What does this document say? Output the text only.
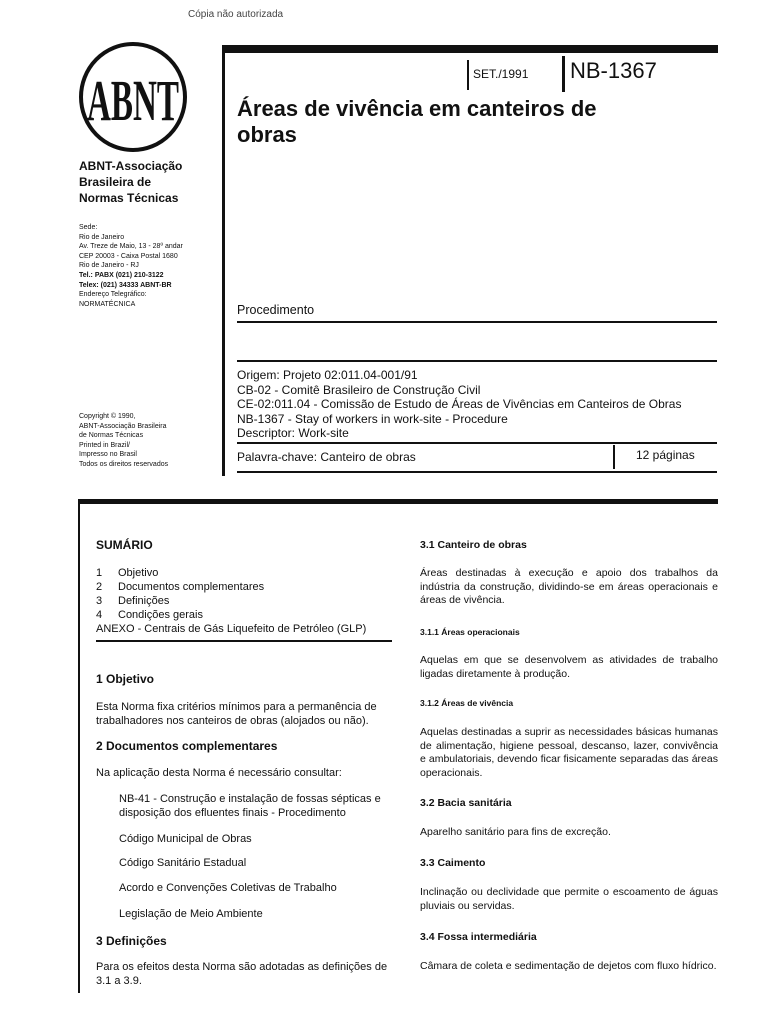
Cópia não autorizada
ABNT
ABNT-Associação
Brasileira de
Normas Técnicas
Sede:
Rio de Janeiro
Av. Treze de Maio, 13 - 28º andar
CEP 20003 - Caixa Postal 1680
Rio de Janeiro - RJ
Tel.: PABX (021) 210-3122
Telex: (021) 34333 ABNT-BR
Endereço Telegráfico:
NORMATÉCNICA
Copyright © 1990,
ABNT-Associação Brasileira
de Normas Técnicas
Printed in Brazil/
Impresso no Brasil
Todos os direitos reservados
SET./1991 NB-1367
Áreas de vivência em canteiros de
obras
Procedimento
Origem: Projeto 02:011.04-001/91
CB-02 - Comitê Brasileiro de Construção Civil
CE-02:011.04 - Comissão de Estudo de Áreas de Vivências em Canteiros de Obras
NB-1367 - Stay of workers in work-site - Procedure
Descriptor: Work-site
Palavra-chave: Canteiro de obras	12 páginas
SUMÁRIO
1 Objetivo
2 Documentos complementares
3 Definições
4 Condições gerais
ANEXO - Centrais de Gás Liquefeito de Petróleo (GLP)
1 Objetivo
Esta Norma fixa critérios mínimos para a permanência de trabalhadores nos canteiros de obras (alojados ou não).
2 Documentos complementares
Na aplicação desta Norma é necessário consultar:
NB-41 - Construção e instalação de fossas sépticas e disposição dos efluentes finais - Procedimento
Código Municipal de Obras
Código Sanitário Estadual
Acordo e Convenções Coletivas de Trabalho
Legislação de Meio Ambiente
3 Definições
Para os efeitos desta Norma são adotadas as definições de 3.1 a 3.9.
3.1 Canteiro de obras
Áreas destinadas à execução e apoio dos trabalhos da indústria da construção, dividindo-se em áreas operacionais e áreas de vivência.
3.1.1 Áreas operacionais
Aquelas em que se desenvolvem as atividades de trabalho ligadas diretamente à produção.
3.1.2 Áreas de vivência
Aquelas destinadas a suprir as necessidades básicas humanas de alimentação, higiene pessoal, descanso, lazer, convivência e ambulatoriais, devendo ficar fisicamente separadas das áreas operacionais.
3.2 Bacia sanitária
Aparelho sanitário para fins de excreção.
3.3 Caimento
Inclinação ou declividade que permite o escoamento de águas pluviais ou servidas.
3.4 Fossa intermediária
Câmara de coleta e sedimentação de dejetos com fluxo hídrico.
